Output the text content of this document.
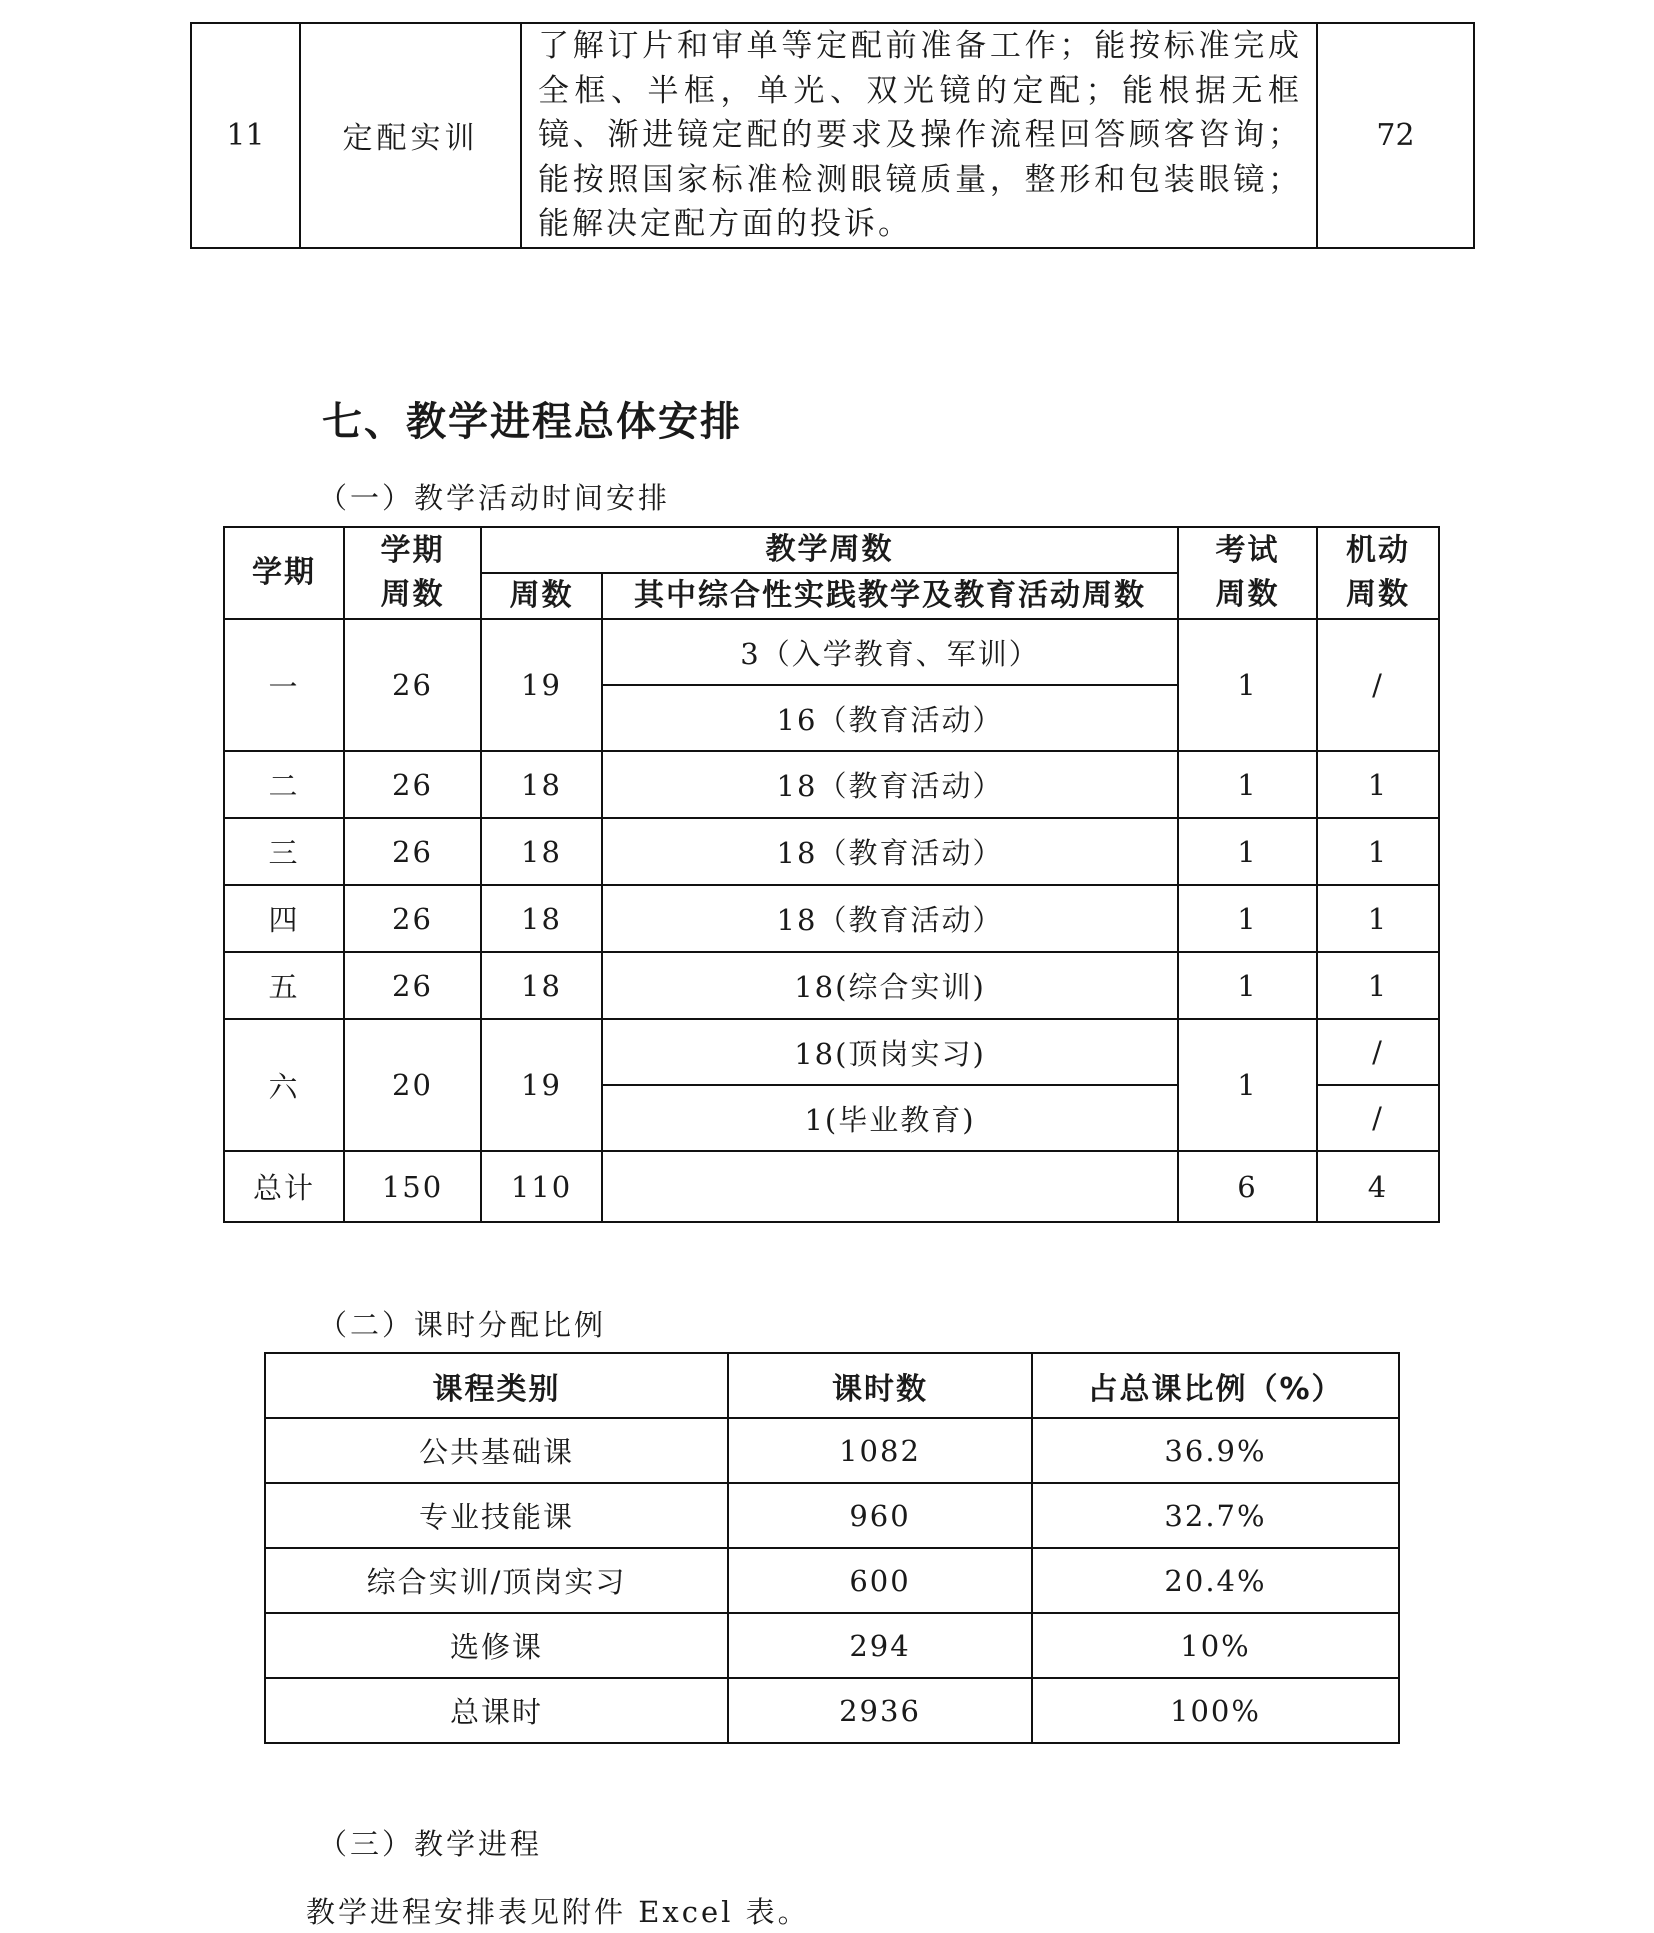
11	定配实训	了解订片和审单等定配前准备工作；能按标准完成全框、半框，单光、双光镜的定配；能根据无框镜、渐进镜定配的要求及操作流程回答顾客咨询；能按照国家标准检测眼镜质量，整形和包装眼镜；能解决定配方面的投诉。	72
七、教学进程总体安排

（一）教学活动时间安排

学期	学期周数	教学周数		考试周数	机动周数
		周数	其中综合性实践教学及教育活动周数		
一	26	19	3（入学教育、军训）	1	/
			16（教育活动）		
二	26	18	18（教育活动）	1	1
三	26	18	18（教育活动）	1	1
四	26	18	18（教育活动）	1	1
五	26	18	18(综合实训)	1	1
六	20	19	18(顶岗实习)	1	/
			1(毕业教育)		/
总计	150	110		6	4

（二）课时分配比例

课程类别	课时数	占总课比例（%）
公共基础课	1082	36.9%
专业技能课	960	32.7%
综合实训/顶岗实习	600	20.4%
选修课	294	10%
总课时	2936	100%

（三）教学进程

教学进程安排表见附件 Excel 表。
